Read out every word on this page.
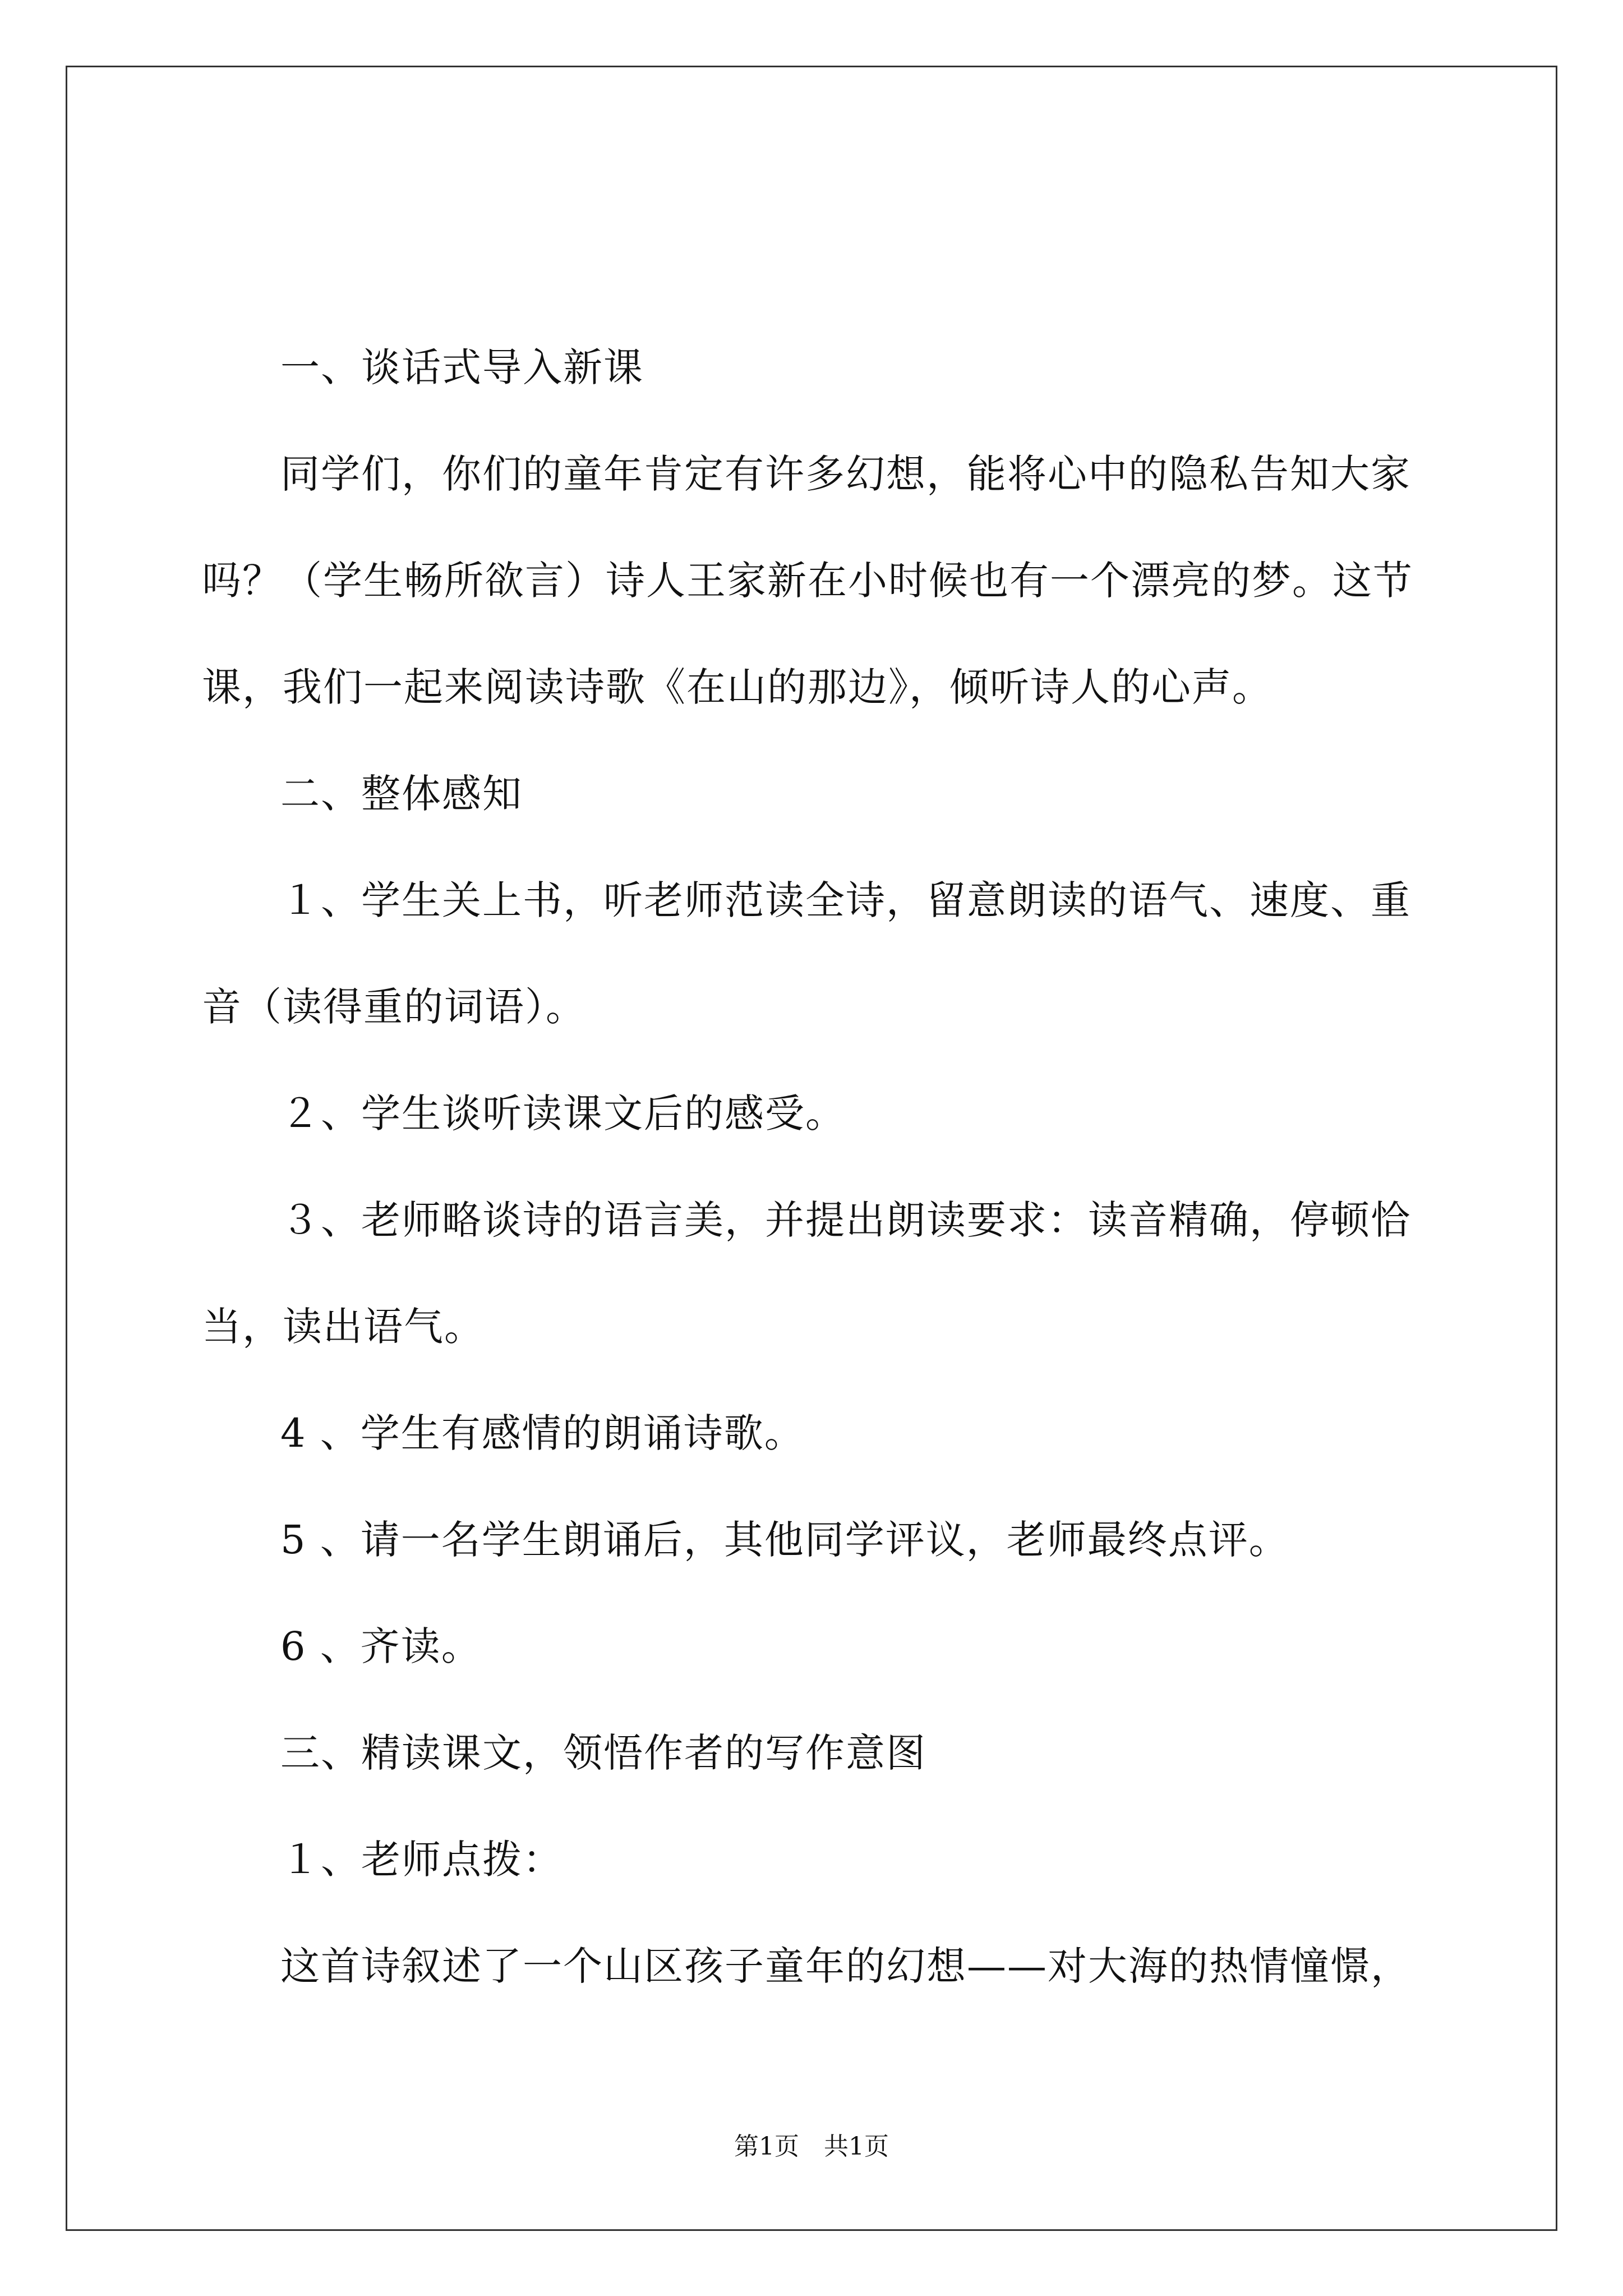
一、谈话式导入新课

同学们，你们的童年肯定有许多幻想，能将心中的隐私告知大家吗？（学生畅所欲言）诗人王家新在小时候也有一个漂亮的梦。这节课，我们一起来阅读诗歌《在山的那边》，倾听诗人的心声。

二、整体感知

１、学生关上书，听老师范读全诗，留意朗读的语气、速度、重音（读得重的词语）。

２、学生谈听读课文后的感受。

３、老师略谈诗的语言美，并提出朗读要求：读音精确，停顿恰当，读出语气。

4 、学生有感情的朗诵诗歌。

5 、请一名学生朗诵后，其他同学评议，老师最终点评。

6 、齐读。

三、精读课文，领悟作者的写作意图

１、老师点拨：

这首诗叙述了一个山区孩子童年的幻想——对大海的热情憧憬，

第1页　共1页
